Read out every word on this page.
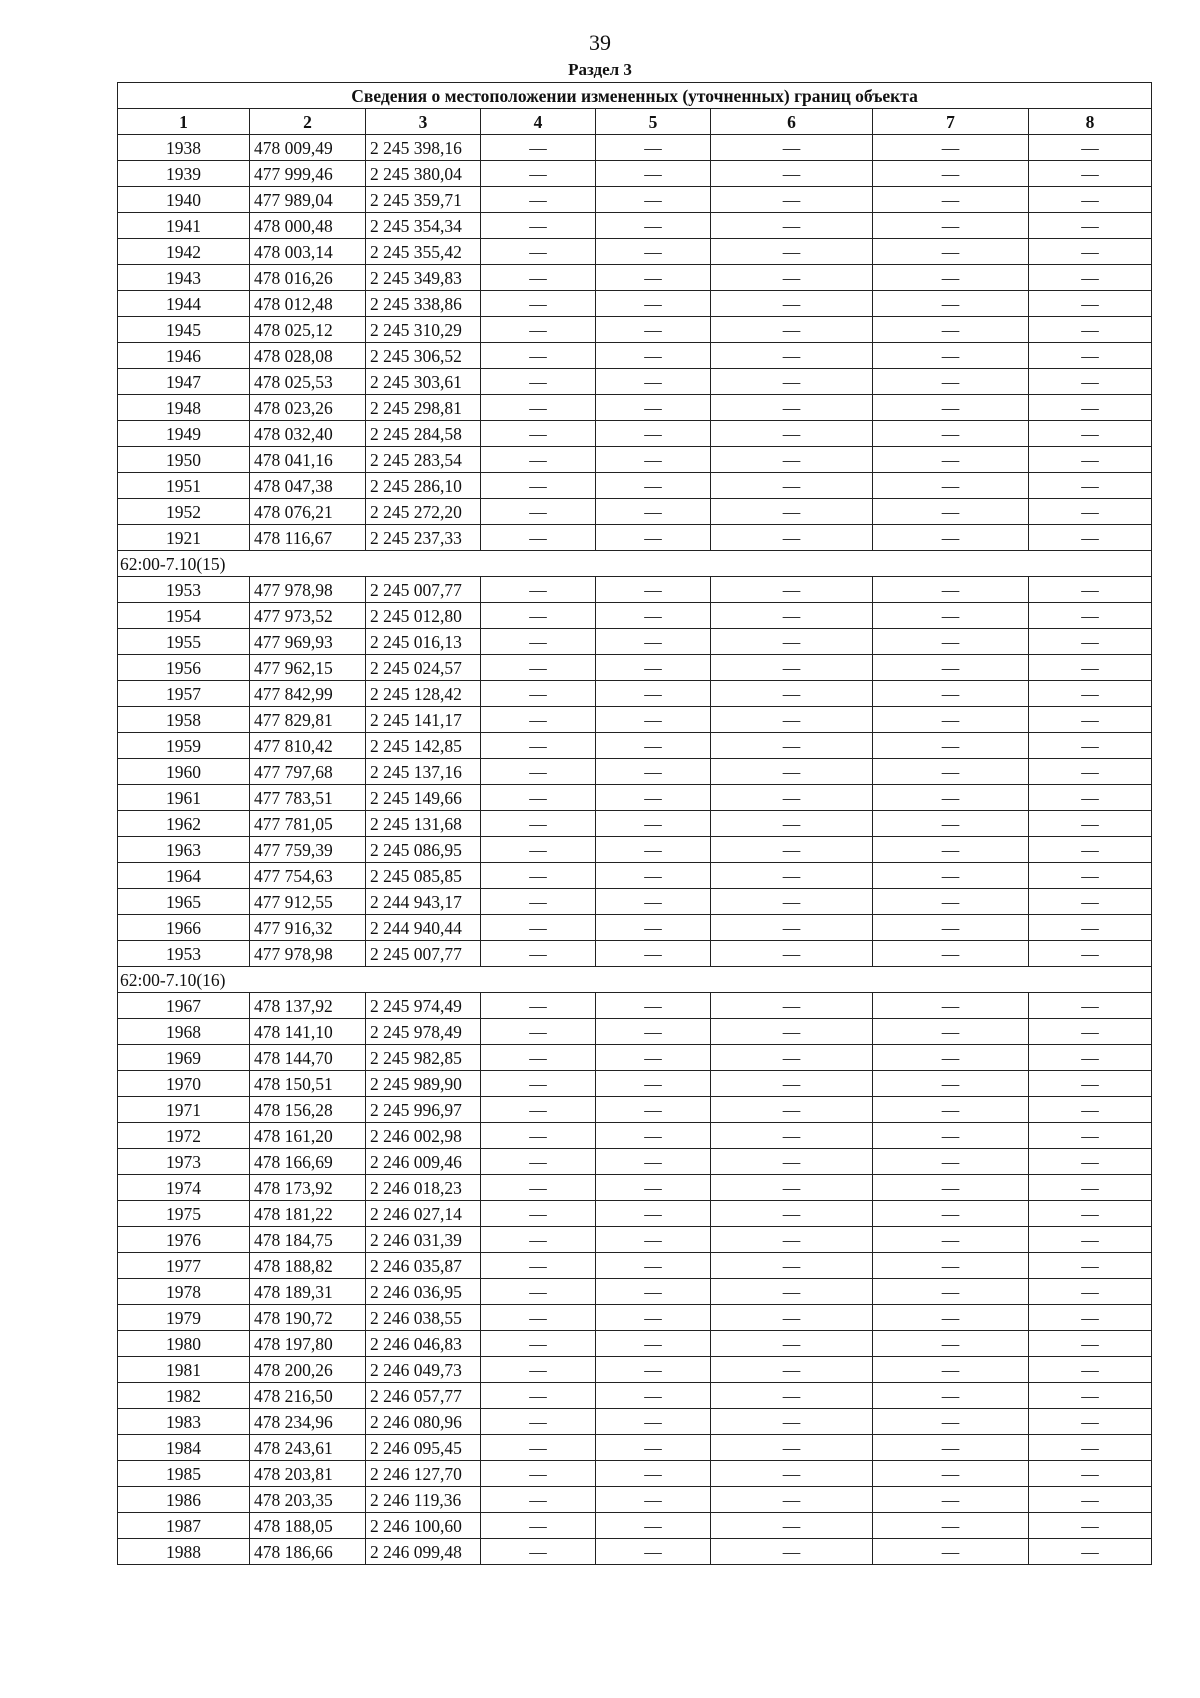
39
Раздел 3
Сведения о местоположении измененных (уточненных) границ объекта							
1	2	3	4	5	6	7	8
1938	478 009,49	2 245 398,16	—	—	—	—	—
1939	477 999,46	2 245 380,04	—	—	—	—	—
1940	477 989,04	2 245 359,71	—	—	—	—	—
1941	478 000,48	2 245 354,34	—	—	—	—	—
1942	478 003,14	2 245 355,42	—	—	—	—	—
1943	478 016,26	2 245 349,83	—	—	—	—	—
1944	478 012,48	2 245 338,86	—	—	—	—	—
1945	478 025,12	2 245 310,29	—	—	—	—	—
1946	478 028,08	2 245 306,52	—	—	—	—	—
1947	478 025,53	2 245 303,61	—	—	—	—	—
1948	478 023,26	2 245 298,81	—	—	—	—	—
1949	478 032,40	2 245 284,58	—	—	—	—	—
1950	478 041,16	2 245 283,54	—	—	—	—	—
1951	478 047,38	2 245 286,10	—	—	—	—	—
1952	478 076,21	2 245 272,20	—	—	—	—	—
1921	478 116,67	2 245 237,33	—	—	—	—	—
62:00-7.10(15)							
1953	477 978,98	2 245 007,77	—	—	—	—	—
1954	477 973,52	2 245 012,80	—	—	—	—	—
1955	477 969,93	2 245 016,13	—	—	—	—	—
1956	477 962,15	2 245 024,57	—	—	—	—	—
1957	477 842,99	2 245 128,42	—	—	—	—	—
1958	477 829,81	2 245 141,17	—	—	—	—	—
1959	477 810,42	2 245 142,85	—	—	—	—	—
1960	477 797,68	2 245 137,16	—	—	—	—	—
1961	477 783,51	2 245 149,66	—	—	—	—	—
1962	477 781,05	2 245 131,68	—	—	—	—	—
1963	477 759,39	2 245 086,95	—	—	—	—	—
1964	477 754,63	2 245 085,85	—	—	—	—	—
1965	477 912,55	2 244 943,17	—	—	—	—	—
1966	477 916,32	2 244 940,44	—	—	—	—	—
1953	477 978,98	2 245 007,77	—	—	—	—	—
62:00-7.10(16)							
1967	478 137,92	2 245 974,49	—	—	—	—	—
1968	478 141,10	2 245 978,49	—	—	—	—	—
1969	478 144,70	2 245 982,85	—	—	—	—	—
1970	478 150,51	2 245 989,90	—	—	—	—	—
1971	478 156,28	2 245 996,97	—	—	—	—	—
1972	478 161,20	2 246 002,98	—	—	—	—	—
1973	478 166,69	2 246 009,46	—	—	—	—	—
1974	478 173,92	2 246 018,23	—	—	—	—	—
1975	478 181,22	2 246 027,14	—	—	—	—	—
1976	478 184,75	2 246 031,39	—	—	—	—	—
1977	478 188,82	2 246 035,87	—	—	—	—	—
1978	478 189,31	2 246 036,95	—	—	—	—	—
1979	478 190,72	2 246 038,55	—	—	—	—	—
1980	478 197,80	2 246 046,83	—	—	—	—	—
1981	478 200,26	2 246 049,73	—	—	—	—	—
1982	478 216,50	2 246 057,77	—	—	—	—	—
1983	478 234,96	2 246 080,96	—	—	—	—	—
1984	478 243,61	2 246 095,45	—	—	—	—	—
1985	478 203,81	2 246 127,70	—	—	—	—	—
1986	478 203,35	2 246 119,36	—	—	—	—	—
1987	478 188,05	2 246 100,60	—	—	—	—	—
1988	478 186,66	2 246 099,48	—	—	—	—	—
